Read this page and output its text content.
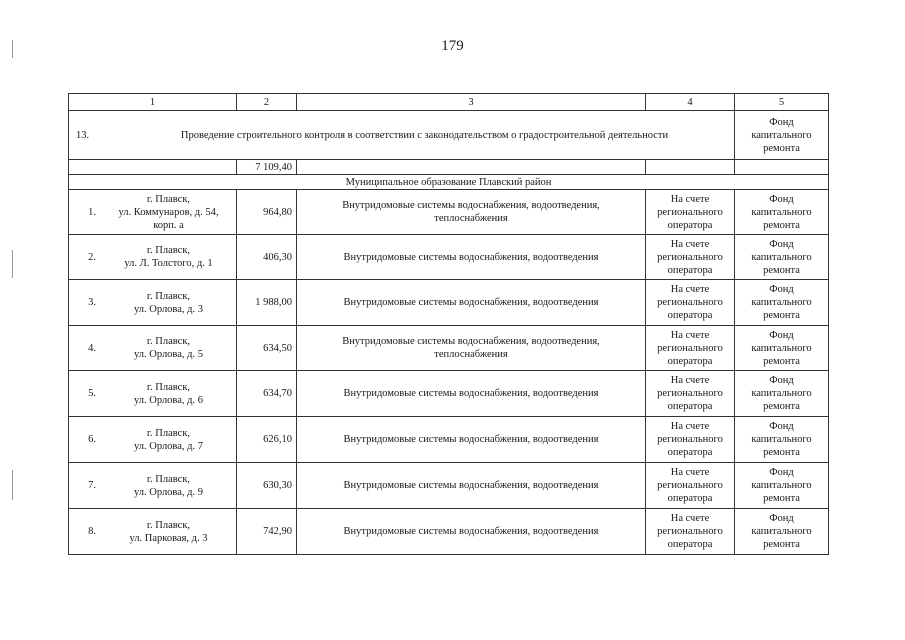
179
1	2	3	4	5

13. Проведение строительного контроля в соответствии с законодательством о градостроительной деятельности				Фонд
капитального
ремонта
	7 109,40			
Муниципальное образование Плавский район				

1.
г. Плавск,
ул. Коммунаров, д. 54,
корп. а	964,80	Внутридомовые системы водоснабжения, водоотведения,
теплоснабжения	На счете
регионального
оператора	Фонд
капитального
ремонта

2.
г. Плавск,
ул. Л. Толстого, д. 1	406,30	Внутридомовые системы водоснабжения, водоотведения	На счете
регионального
оператора	Фонд
капитального
ремонта

3.
г. Плавск,
ул. Орлова, д. 3	1 988,00	Внутридомовые системы водоснабжения, водоотведения	На счете
регионального
оператора	Фонд
капитального
ремонта

4.
г. Плавск,
ул. Орлова, д. 5	634,50	Внутридомовые системы водоснабжения, водоотведения,
теплоснабжения	На счете
регионального
оператора	Фонд
капитального
ремонта

5.
г. Плавск,
ул. Орлова, д. 6	634,70	Внутридомовые системы водоснабжения, водоотведения	На счете
регионального
оператора	Фонд
капитального
ремонта

6.
г. Плавск,
ул. Орлова, д. 7	626,10	Внутридомовые системы водоснабжения, водоотведения	На счете
регионального
оператора	Фонд
капитального
ремонта

7.
г. Плавск,
ул. Орлова, д. 9	630,30	Внутридомовые системы водоснабжения, водоотведения	На счете
регионального
оператора	Фонд
капитального
ремонта

8.
г. Плавск,
ул. Парковая, д. 3	742,90	Внутридомовые системы водоснабжения, водоотведения	На счете
регионального
оператора	Фонд
капитального
ремонта
